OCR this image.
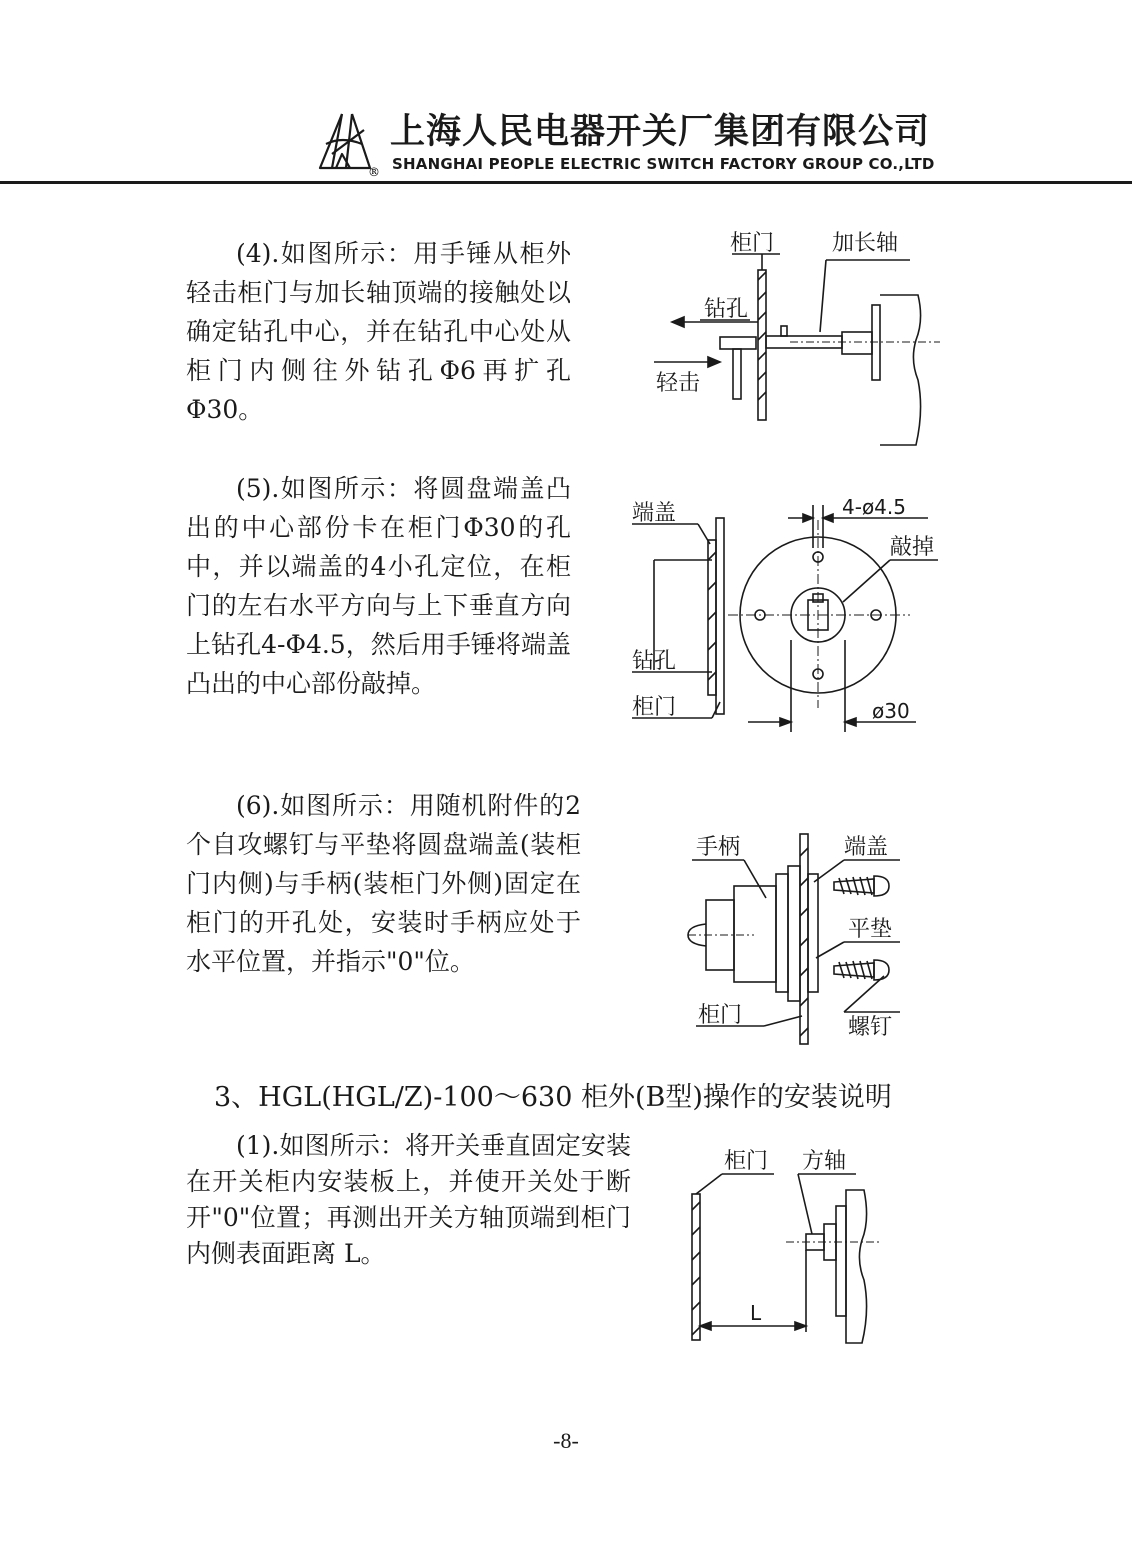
®
上海人民电器开关厂集团有限公司
SHANGHAI PEOPLE ELECTRIC SWITCH FACTORY GROUP CO.,LTD

(4).如图所示：用手锤从柜外轻击柜门与加长轴顶端的接触处以确定钻孔中心，并在钻孔中心处从柜门内侧往外钻孔Φ6再扩孔Φ30。

柜门	加长轴
钻孔
轻击

(5).如图所示：将圆盘端盖凸出的中心部份卡在柜门Φ30的孔中，并以端盖的4小孔定位，在柜门的左右水平方向与上下垂直方向上钻孔4-Φ4.5，然后用手锤将端盖凸出的中心部份敲掉。

端盖
钻孔
柜门
4-ø4.5
敲掉
ø30

(6).如图所示：用随机附件的2个自攻螺钉与平垫将圆盘端盖(装柜门内侧)与手柄(装柜门外侧)固定在柜门的开孔处，安装时手柄应处于水平位置，并指示"0"位。

手柄	端盖
平垫
螺钉
柜门

3、HGL(HGL/Z)-100～630 柜外(B型)操作的安装说明

(1).如图所示：将开关垂直固定安装在开关柜内安装板上，并使开关处于断开"0"位置；再测出开关方轴顶端到柜门内侧表面距离 L。

柜门 方轴
L
-8-
